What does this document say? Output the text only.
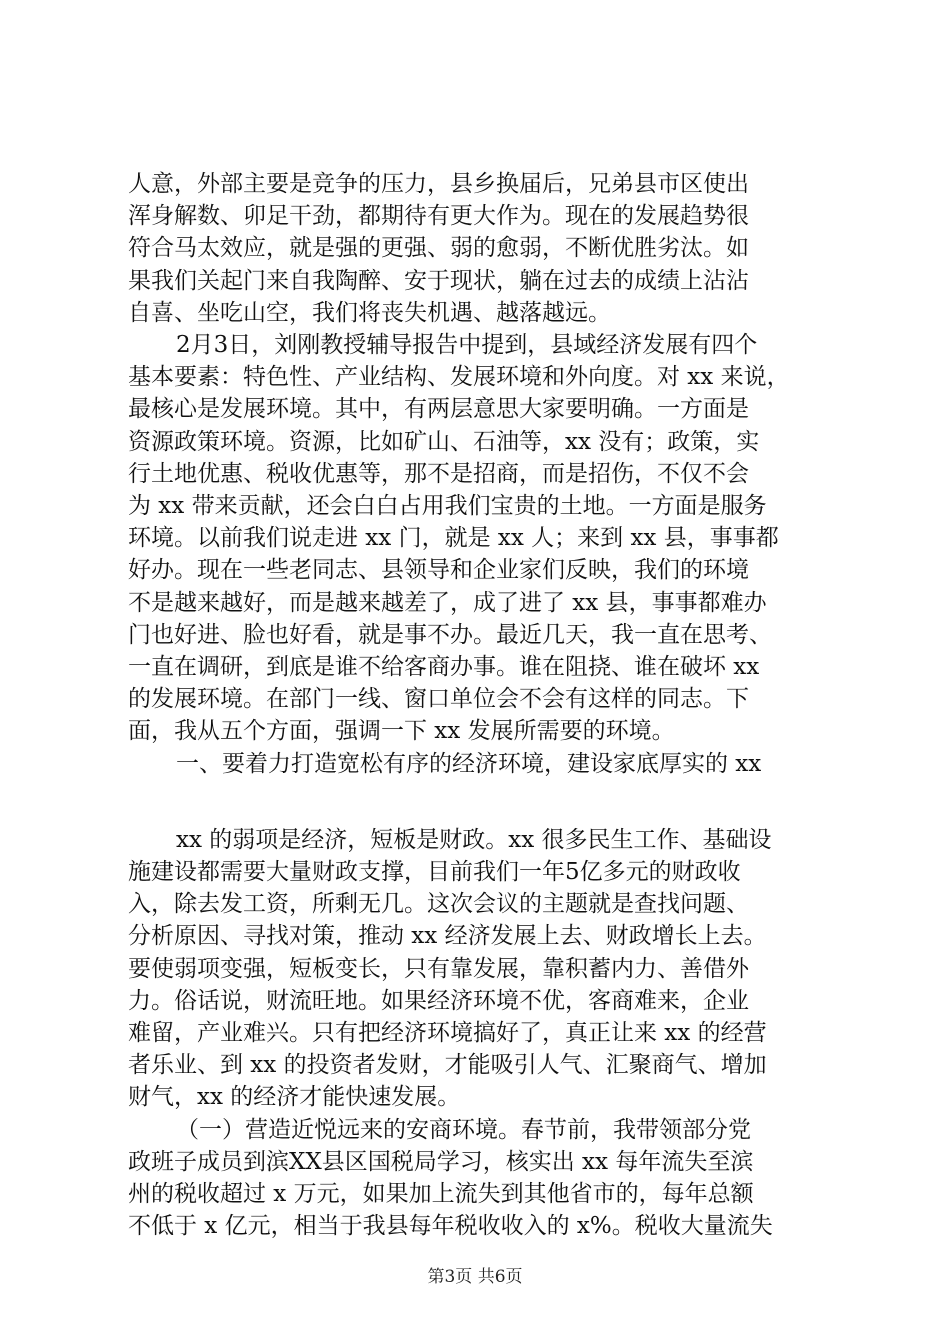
人意，外部主要是竞争的压力，县乡换届后，兄弟县市区使出
浑身解数、卯足干劲，都期待有更大作为。现在的发展趋势很
符合马太效应，就是强的更强、弱的愈弱，不断优胜劣汰。如
果我们关起门来自我陶醉、安于现状，躺在过去的成绩上沾沾
自喜、坐吃山空，我们将丧失机遇、越落越远。
2月3日，刘刚教授辅导报告中提到，县域经济发展有四个
基本要素：特色性、产业结构、发展环境和外向度。对 xx 来说，
最核心是发展环境。其中，有两层意思大家要明确。一方面是
资源政策环境。资源，比如矿山、石油等，xx 没有；政策，实
行土地优惠、税收优惠等，那不是招商，而是招伤，不仅不会
为 xx 带来贡献，还会白白占用我们宝贵的土地。一方面是服务
环境。以前我们说走进 xx 门，就是 xx 人；来到 xx 县，事事都
好办。现在一些老同志、县领导和企业家们反映，我们的环境
不是越来越好，而是越来越差了，成了进了 xx 县，事事都难办
门也好进、脸也好看，就是事不办。最近几天，我一直在思考、
一直在调研，到底是谁不给客商办事。谁在阻挠、谁在破坏 xx
的发展环境。在部门一线、窗口单位会不会有这样的同志。下
面，我从五个方面，强调一下 xx 发展所需要的环境。
一、要着力打造宽松有序的经济环境，建设家底厚实的 xx
xx 的弱项是经济，短板是财政。xx 很多民生工作、基础设
施建设都需要大量财政支撑，目前我们一年5亿多元的财政收
入，除去发工资，所剩无几。这次会议的主题就是查找问题、
分析原因、寻找对策，推动 xx 经济发展上去、财政增长上去。
要使弱项变强，短板变长，只有靠发展，靠积蓄内力、善借外
力。俗话说，财流旺地。如果经济环境不优，客商难来，企业
难留，产业难兴。只有把经济环境搞好了，真正让来 xx 的经营
者乐业、到 xx 的投资者发财，才能吸引人气、汇聚商气、增加
财气，xx 的经济才能快速发展。
（一）营造近悦远来的安商环境。春节前，我带领部分党
政班子成员到滨XX县区国税局学习，核实出 xx 每年流失至滨
州的税收超过 x 万元，如果加上流失到其他省市的，每年总额
不低于 x 亿元，相当于我县每年税收收入的 x%。税收大量流失
第3页 共6页
